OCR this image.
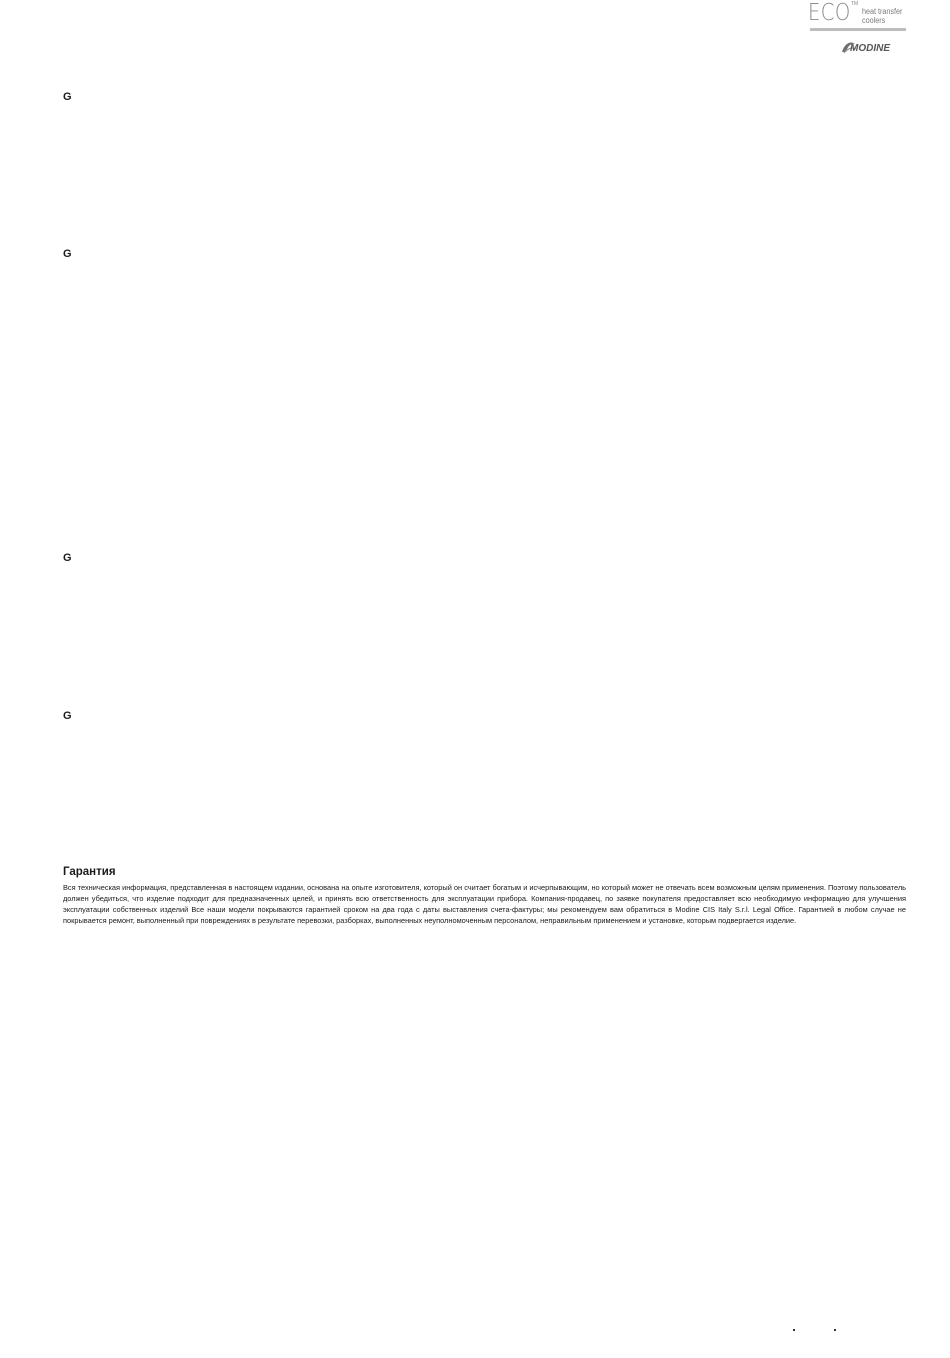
ECO TM
heat transfer
coolers
MODINE
G
G
G
G
Гарантия

Вся техническая информация, представленная в настоящем издании, основана на опыте изготовителя, который он считает богатым и исчерпывающим, но который может не отвечать всем возможным целям применения. Поэтому пользователь должен убедиться, что изделие подходит для предназначенных целей, и принять всю ответственность для эксплуатации прибора. Компания-продавец, по заявке покупателя предоставляет всю необходимую информацию для улучшения эксплуатации собственных изделий Все наши модели покрываются гарантией сроком на два года с даты выставления счета-фактуры; мы рекомендуем вам обратиться в Modine CIS Italy S.r.l. Legal Office. Гарантией в любом случае не покрывается ремонт, выполненный при повреждениях в результате перевозки, разборках, выполненных неуполномоченным персоналом, неправильным применением и установке, которым подвергается изделие.
